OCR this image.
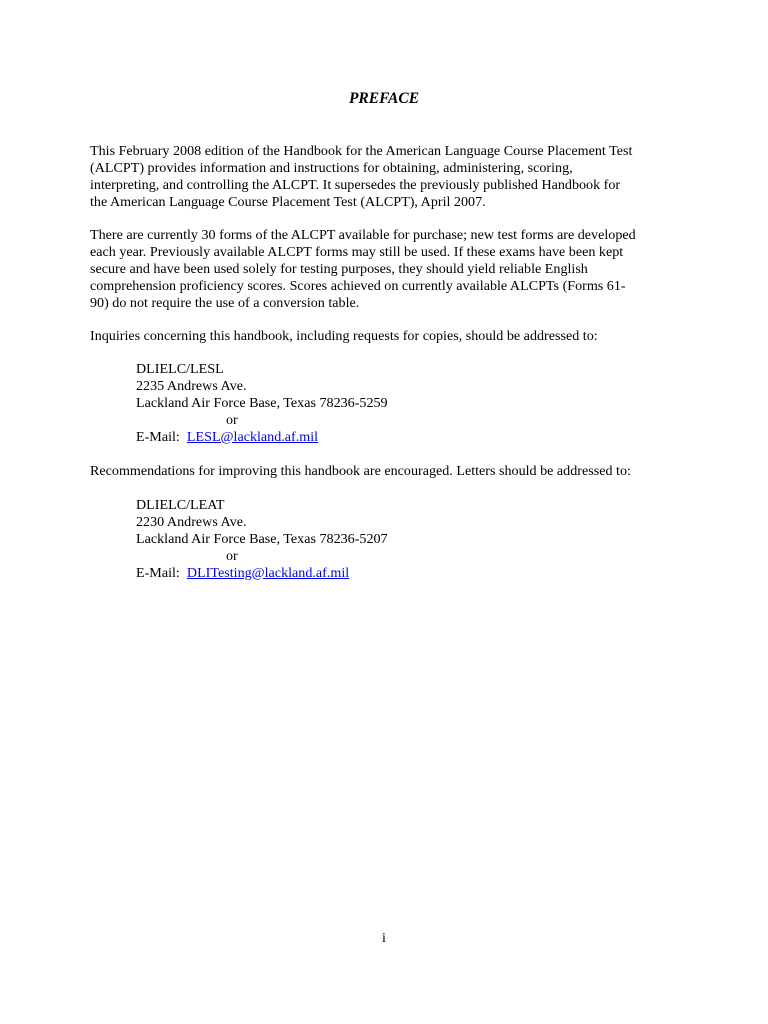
PREFACE

This February 2008 edition of the Handbook for the American Language Course Placement Test
(ALCPT) provides information and instructions for obtaining, administering, scoring,
interpreting, and controlling the ALCPT. It supersedes the previously published Handbook for
the American Language Course Placement Test (ALCPT), April 2007.

There are currently 30 forms of the ALCPT available for purchase; new test forms are developed
each year. Previously available ALCPT forms may still be used. If these exams have been kept
secure and have been used solely for testing purposes, they should yield reliable English
comprehension proficiency scores. Scores achieved on currently available ALCPTs (Forms 61-
90) do not require the use of a conversion table.

Inquiries concerning this handbook, including requests for copies, should be addressed to:

DLIELC/LESL
2235 Andrews Ave.
Lackland Air Force Base, Texas 78236-5259
or
E-Mail: LESL@lackland.af.mil

Recommendations for improving this handbook are encouraged. Letters should be addressed to:

DLIELC/LEAT
2230 Andrews Ave.
Lackland Air Force Base, Texas 78236-5207
or
E-Mail: DLITesting@lackland.af.mil

i
